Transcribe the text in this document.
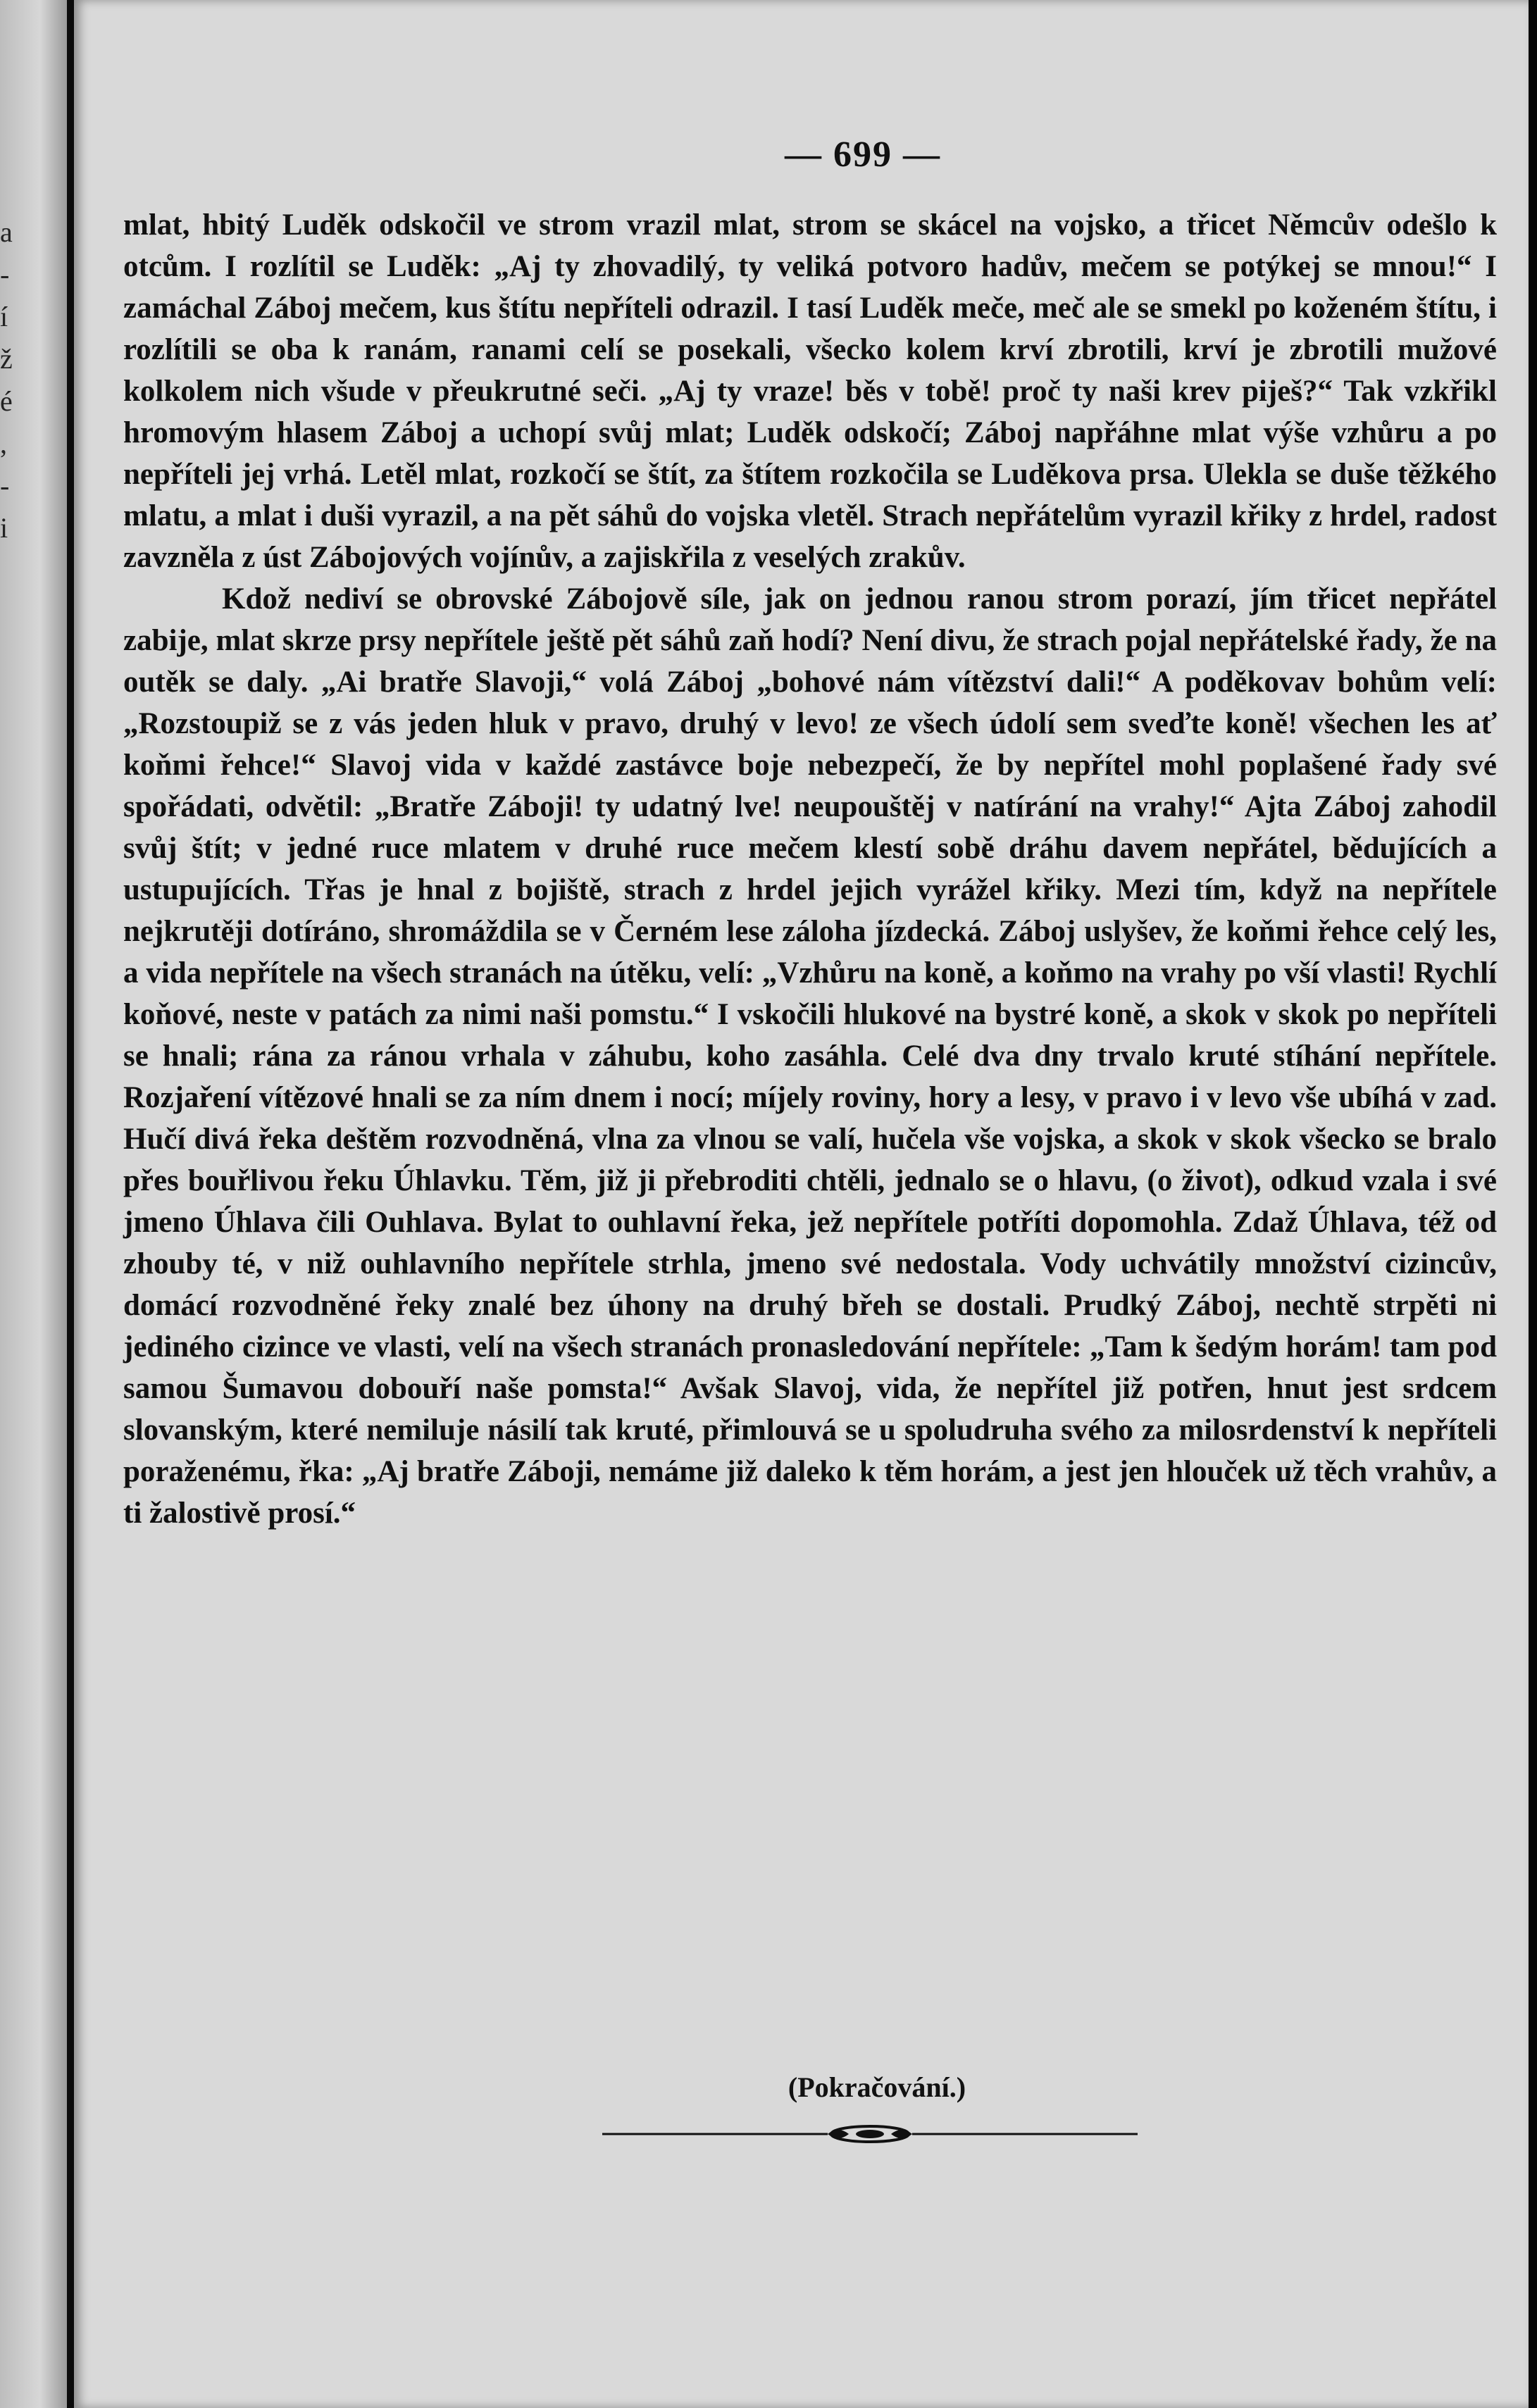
a
-
í
ž
é
,
-
i
— 699 —

mlat, hbitý Luděk odskočil ve strom vrazil mlat, strom se skácel na vojsko, a třicet Němcův odešlo k otcům. I rozlítil se Luděk: „Aj ty zhovadilý, ty veliká potvoro hadův, mečem se potýkej se mnou!“ I zamáchal Záboj mečem, kus štítu nepříteli odrazil. I tasí Luděk meče, meč ale se smekl po koženém štítu, i rozlítili se oba k ranám, ranami celí se posekali, všecko kolem krví zbrotili, krví je zbrotili mužové kolkolem nich všude v přeukrutné seči. „Aj ty vraze! běs v tobě! proč ty naši krev piješ?“ Tak vzkřikl hromovým hlasem Záboj a uchopí svůj mlat; Luděk odskočí; Záboj napřáhne mlat výše vzhůru a po nepříteli jej vrhá. Letěl mlat, rozkočí se štít, za štítem rozkočila se Luděkova prsa. Ulekla se duše těžkého mlatu, a mlat i duši vyrazil, a na pět sáhů do vojska vletěl. Strach nepřátelům vyrazil křiky z hrdel, radost zavzněla z úst Zábojových vojínův, a zajiskřila z veselých zrakův.

Kdož nediví se obrovské Zábojově síle, jak on jednou ranou strom porazí, jím třicet nepřátel zabije, mlat skrze prsy nepřítele ještě pět sáhů zaň hodí? Není divu, že strach pojal nepřátelské řady, že na outěk se daly. „Ai bratře Slavoji,“ volá Záboj „bohové nám vítězství dali!“ A poděkovav bohům velí: „Rozstoupiž se z vás jeden hluk v pravo, druhý v levo! ze všech údolí sem sveďte koně! všechen les ať koňmi řehce!“ Slavoj vida v každé zastávce boje nebezpečí, že by nepřítel mohl poplašené řady své spořádati, odvětil: „Bratře Záboji! ty udatný lve! neupouštěj v natírání na vrahy!“ Ajta Záboj zahodil svůj štít; v jedné ruce mlatem v druhé ruce mečem klestí sobě dráhu davem nepřátel, bědujících a ustupujících. Třas je hnal z bojiště, strach z hrdel jejich vyrážel křiky. Mezi tím, když na nepřítele nejkrutěji dotíráno, shromáždila se v Černém lese záloha jízdecká. Záboj uslyšev, že koňmi řehce celý les, a vida nepřítele na všech stranách na útěku, velí: „Vzhůru na koně, a koňmo na vrahy po vší vlasti! Rychlí koňové, neste v patách za nimi naši pomstu.“ I vskočili hlukové na bystré koně, a skok v skok po nepříteli se hnali; rána za ránou vrhala v záhubu, koho zasáhla. Celé dva dny trvalo kruté stíhání nepřítele. Rozjaření vítězové hnali se za ním dnem i nocí; míjely roviny, hory a lesy, v pravo i v levo vše ubíhá v zad. Hučí divá řeka deštěm rozvodněná, vlna za vlnou se valí, hučela vše vojska, a skok v skok všecko se bralo přes bouřlivou řeku Úhlavku. Těm, již ji přebroditi chtěli, jednalo se o hlavu, (o život), odkud vzala i své jmeno Úhlava čili Ouhlava. Bylat to ouhlavní řeka, jež nepřítele potříti dopomohla. Zdaž Úhlava, též od zhouby té, v niž ouhlavního nepřítele strhla, jmeno své nedostala. Vody uchvátily množství cizincův, domácí rozvodněné řeky znalé bez úhony na druhý břeh se dostali. Prudký Záboj, nechtě strpěti ni jediného cizince ve vlasti, velí na všech stranách pronasledování nepřítele: „Tam k šedým horám! tam pod samou Šumavou dobouří naše pomsta!“ Avšak Slavoj, vida, že nepřítel již potřen, hnut jest srdcem slovanským, které nemiluje násilí tak kruté, přimlouvá se u spoludruha svého za milosrdenství k nepříteli poraženému, řka: „Aj bratře Záboji, nemáme již daleko k těm horám, a jest jen hlouček už těch vrahův, a ti žalostivě prosí.“

(Pokračování.)
